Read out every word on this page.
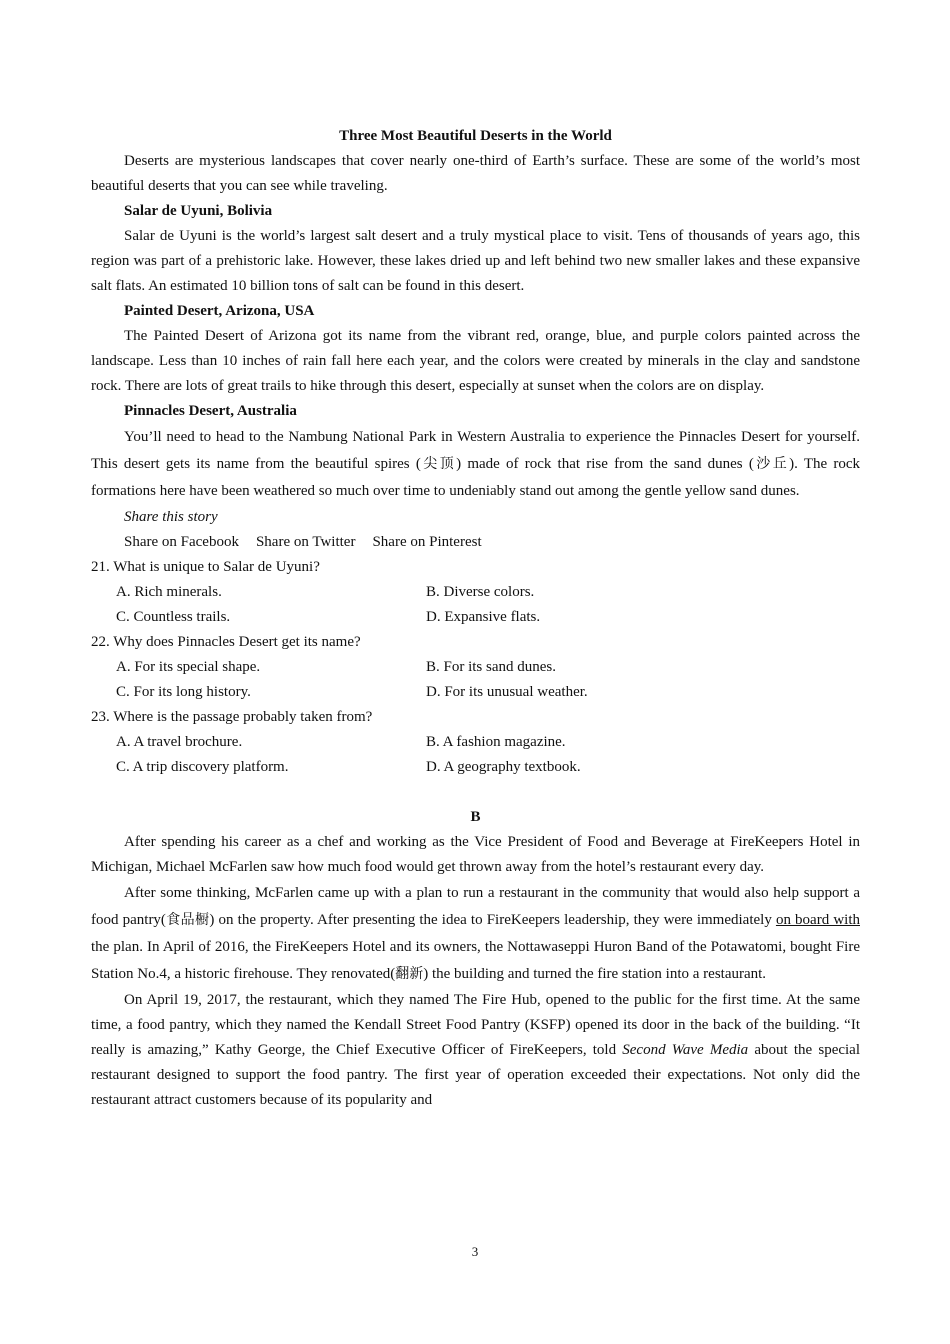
Three Most Beautiful Deserts in the World

Deserts are mysterious landscapes that cover nearly one-third of Earth’s surface. These are some of the world’s most beautiful deserts that you can see while traveling.

Salar de Uyuni, Bolivia

Salar de Uyuni is the world’s largest salt desert and a truly mystical place to visit. Tens of thousands of years ago, this region was part of a prehistoric lake. However, these lakes dried up and left behind two new smaller lakes and these expansive salt flats. An estimated 10 billion tons of salt can be found in this desert.

Painted Desert, Arizona, USA

The Painted Desert of Arizona got its name from the vibrant red, orange, blue, and purple colors painted across the landscape. Less than 10 inches of rain fall here each year, and the colors were created by minerals in the clay and sandstone rock. There are lots of great trails to hike through this desert, especially at sunset when the colors are on display.

Pinnacles Desert, Australia

You’ll need to head to the Nambung National Park in Western Australia to experience the Pinnacles Desert for yourself. This desert gets its name from the beautiful spires (尖顶) made of rock that rise from the sand dunes (沙丘). The rock formations here have been weathered so much over time to undeniably stand out among the gentle yellow sand dunes.

Share this story
Share on Facebook Share on Twitter Share on Pinterest
21. What is unique to Salar de Uyuni?
A. Rich minerals.	B. Diverse colors.
C. Countless trails.	D. Expansive flats.
22. Why does Pinnacles Desert get its name?
A. For its special shape.	B. For its sand dunes.
C. For its long history.	D. For its unusual weather.
23. Where is the passage probably taken from?
A. A travel brochure.	B. A fashion magazine.
C. A trip discovery platform.	D. A geography textbook.
B

After spending his career as a chef and working as the Vice President of Food and Beverage at FireKeepers Hotel in Michigan, Michael McFarlen saw how much food would get thrown away from the hotel’s restaurant every day.

After some thinking, McFarlen came up with a plan to run a restaurant in the community that would also help support a food pantry(食品橱) on the property. After presenting the idea to FireKeepers leadership, they were immediately on board with the plan. In April of 2016, the FireKeepers Hotel and its owners, the Nottawaseppi Huron Band of the Potawatomi, bought Fire Station No.4, a historic firehouse. They renovated(翻新) the building and turned the fire station into a restaurant.

On April 19, 2017, the restaurant, which they named The Fire Hub, opened to the public for the first time. At the same time, a food pantry, which they named the Kendall Street Food Pantry (KSFP) opened its door in the back of the building. “It really is amazing,” Kathy George, the Chief Executive Officer of FireKeepers, told Second Wave Media about the special restaurant designed to support the food pantry. The first year of operation exceeded their expectations. Not only did the restaurant attract customers because of its popularity and

3
